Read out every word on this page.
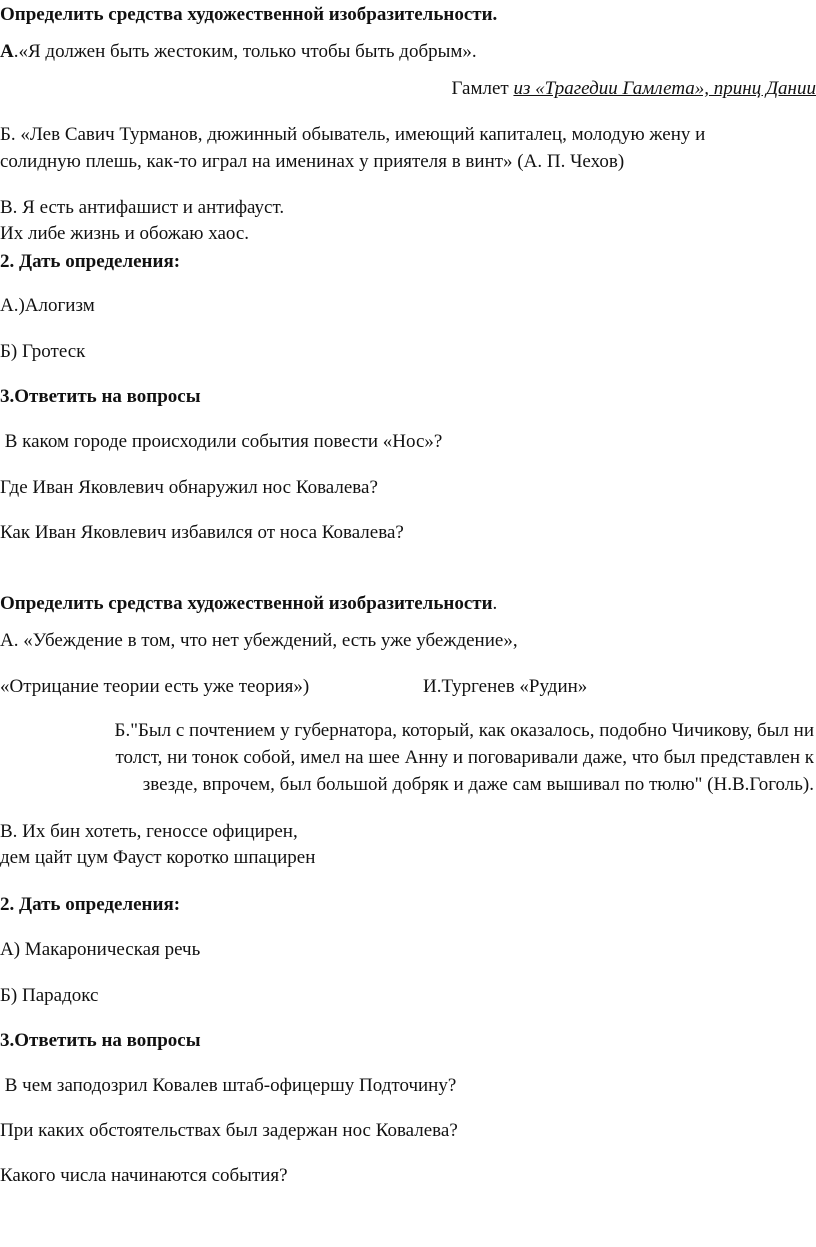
Определить средства художественной изобразительности.
А.«Я должен быть жестоким, только чтобы быть добрым».
Гамлет из «Трагедии Гамлета», принц Дании
Б. «Лев Савич Турманов, дюжинный обыватель, имеющий капиталец, молодую жену и
солидную плешь, как-то играл на именинах у приятеля в винт» (А. П. Чехов)
В. Я есть антифашист и антифауст.
Их либе жизнь и обожаю хаос.
2. Дать определения:
А.)Алогизм
Б) Гротеск
3.Ответить на вопросы
В каком городе происходили события повести «Нос»?
Где Иван Яковлевич обнаружил нос Ковалева?
Как Иван Яковлевич избавился от носа Ковалева?
Определить средства художественной изобразительности.
А. «Убеждение в том, что нет убеждений, есть уже убеждение»,
«Отрицание теории есть уже теория»)	И.Тургенев «Рудин»
Б."Был с почтением у губернатора, который, как оказалось, подобно Чичикову, был ни
толст, ни тонок собой, имел на шее Анну и поговаривали даже, что был представлен к
звезде, впрочем, был большой добряк и даже сам вышивал по тюлю" (Н.В.Гоголь).
В. Их бин хотеть, геноссе официрен,
дем цайт цум Фауст коротко шпацирен
2. Дать определения:
А) Макароническая речь
Б) Парадокс
3.Ответить на вопросы
В чем заподозрил Ковалев штаб-офицершу Подточину?
При каких обстоятельствах был задержан нос Ковалева?
Какого числа начинаются события?
